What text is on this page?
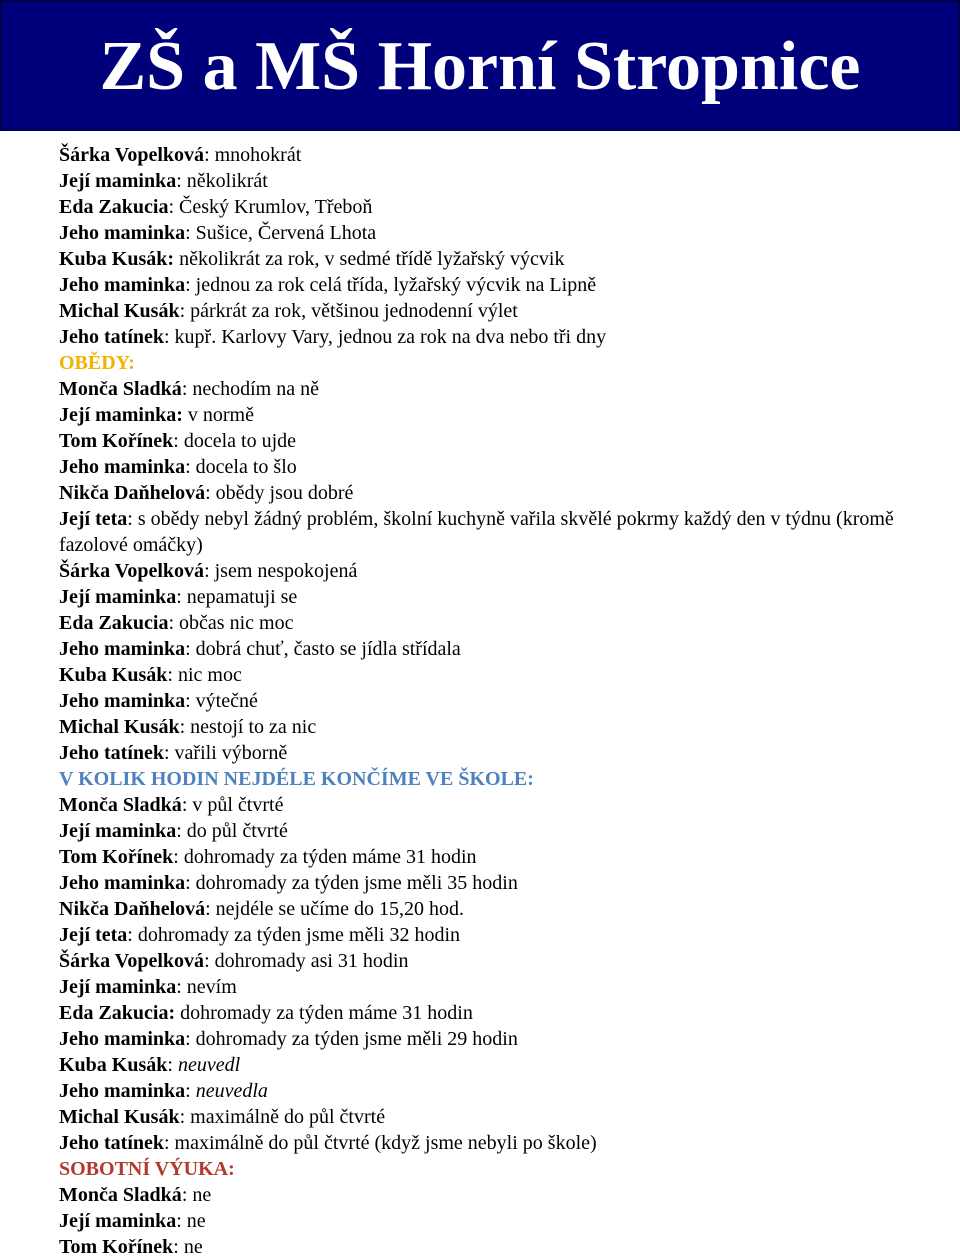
ZŠ a MŠ Horní Stropnice
Šárka Vopelková: mnohokrát
Její maminka: několikrát
Eda Zakucia: Český Krumlov, Třeboň
Jeho maminka: Sušice, Červená Lhota
Kuba Kusák: několikrát za rok, v sedmé třídě lyžařský výcvik
Jeho maminka: jednou za rok celá třída, lyžařský výcvik na Lipně
Michal Kusák: párkrát za rok, většinou jednodenní výlet
Jeho tatínek: kupř. Karlovy Vary, jednou za rok na dva nebo tři dny
OBĚDY:
Monča Sladká: nechodím na ně
Její maminka: v normě
Tom Kořínek: docela to ujde
Jeho maminka: docela to šlo
Nikča Daňhelová: obědy jsou dobré
Její teta: s obědy nebyl žádný problém, školní kuchyně vařila skvělé pokrmy každý den v týdnu (kromě fazolové omáčky)
Šárka Vopelková: jsem nespokojená
Její maminka: nepamatuji se
Eda Zakucia: občas nic moc
Jeho maminka: dobrá chuť, často se jídla střídala
Kuba Kusák: nic moc
Jeho maminka: výtečné
Michal Kusák: nestojí to za nic
Jeho tatínek: vařili výborně
V KOLIK HODIN NEJDÉLE KONČÍME VE ŠKOLE:
Monča Sladká: v půl čtvrté
Její maminka: do půl čtvrté
Tom Kořínek: dohromady za týden máme 31 hodin
Jeho maminka: dohromady za týden jsme měli 35 hodin
Nikča Daňhelová: nejdéle se učíme do 15,20 hod.
Její teta: dohromady za týden jsme měli 32 hodin
Šárka Vopelková: dohromady asi 31 hodin
Její maminka: nevím
Eda Zakucia: dohromady za týden máme 31 hodin
Jeho maminka: dohromady za týden jsme měli 29 hodin
Kuba Kusák: neuvedl
Jeho maminka: neuvedla
Michal Kusák: maximálně do půl čtvrté
Jeho tatínek: maximálně do půl čtvrté (když jsme nebyli po škole)
SOBOTNÍ VÝUKA:
Monča Sladká: ne
Její maminka: ne
Tom Kořínek: ne
